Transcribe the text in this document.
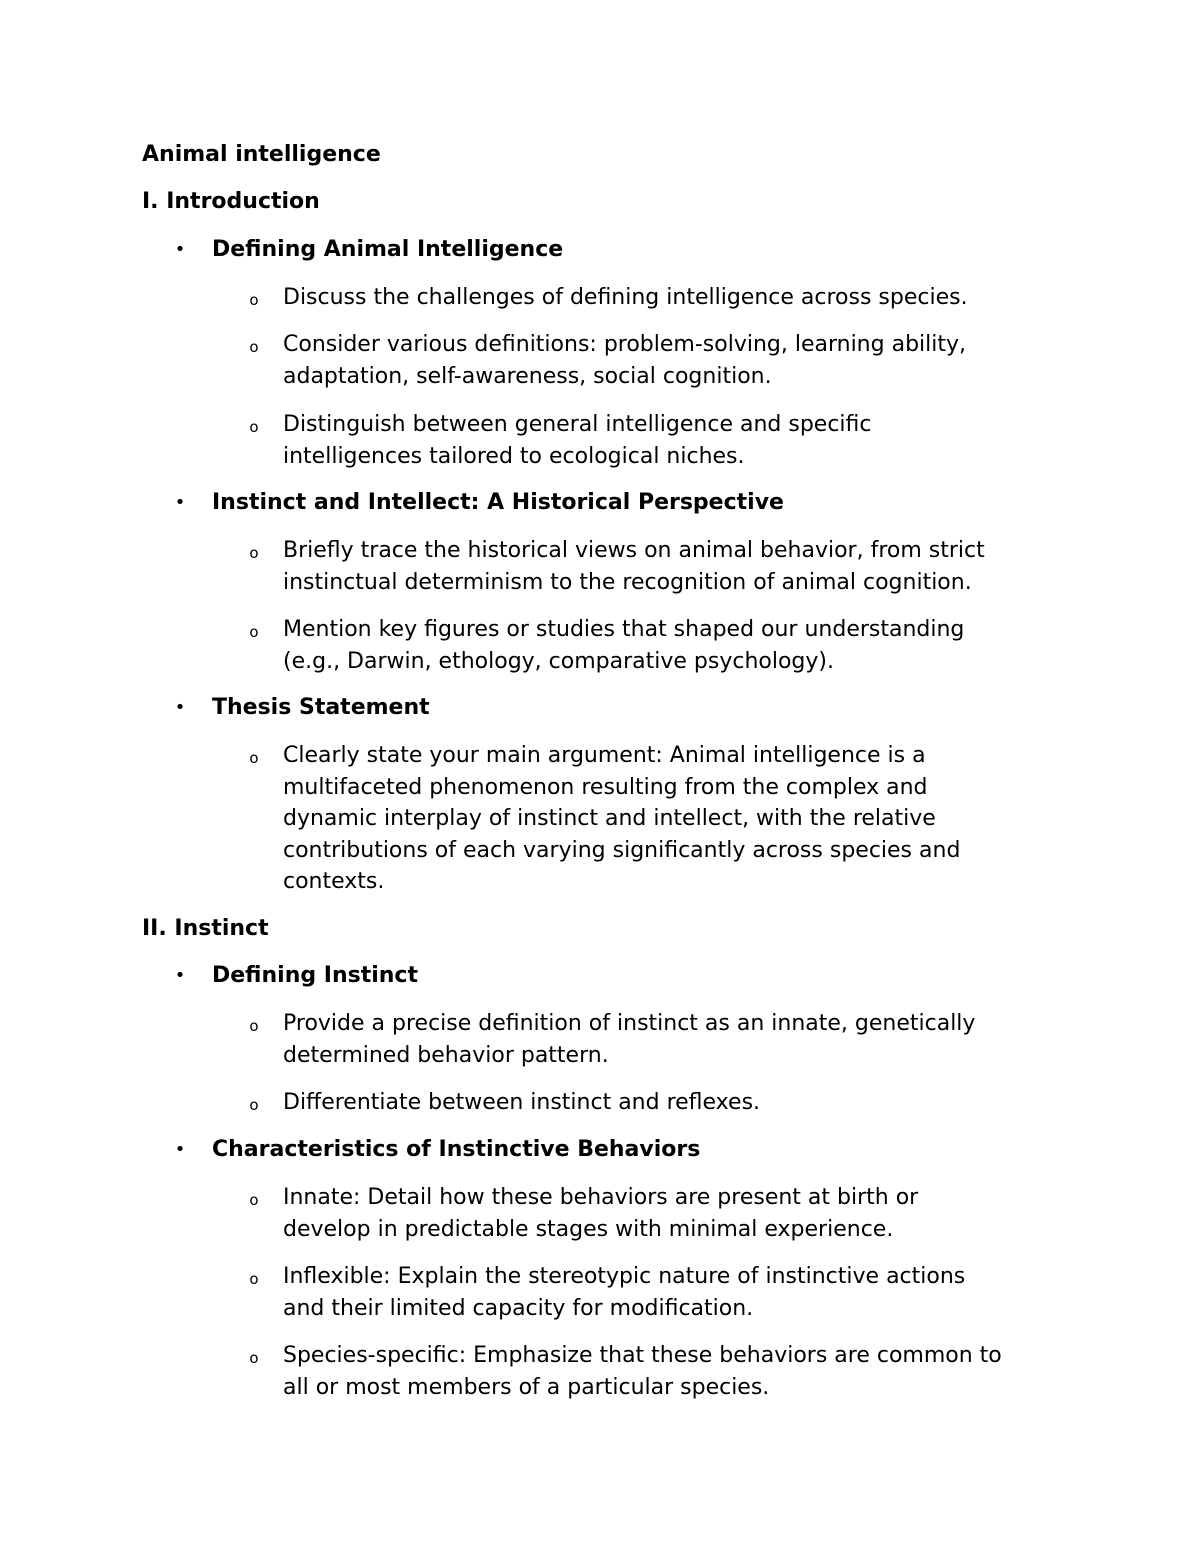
Animal intelligence
I. Introduction
• Defining Animal Intelligence
o Discuss the challenges of defining intelligence across species.
o Consider various definitions: problem-solving, learning ability,
adaptation, self-awareness, social cognition.
o Distinguish between general intelligence and specific
intelligences tailored to ecological niches.
• Instinct and Intellect: A Historical Perspective
o Briefly trace the historical views on animal behavior, from strict
instinctual determinism to the recognition of animal cognition.
o Mention key figures or studies that shaped our understanding
(e.g., Darwin, ethology, comparative psychology).
• Thesis Statement
o Clearly state your main argument: Animal intelligence is a
multifaceted phenomenon resulting from the complex and
dynamic interplay of instinct and intellect, with the relative
contributions of each varying significantly across species and
contexts.
II. Instinct
• Defining Instinct
o Provide a precise definition of instinct as an innate, genetically
determined behavior pattern.
o Differentiate between instinct and reflexes.
• Characteristics of Instinctive Behaviors
o Innate: Detail how these behaviors are present at birth or
develop in predictable stages with minimal experience.
o Inflexible: Explain the stereotypic nature of instinctive actions
and their limited capacity for modification.
o Species-specific: Emphasize that these behaviors are common to
all or most members of a particular species.
